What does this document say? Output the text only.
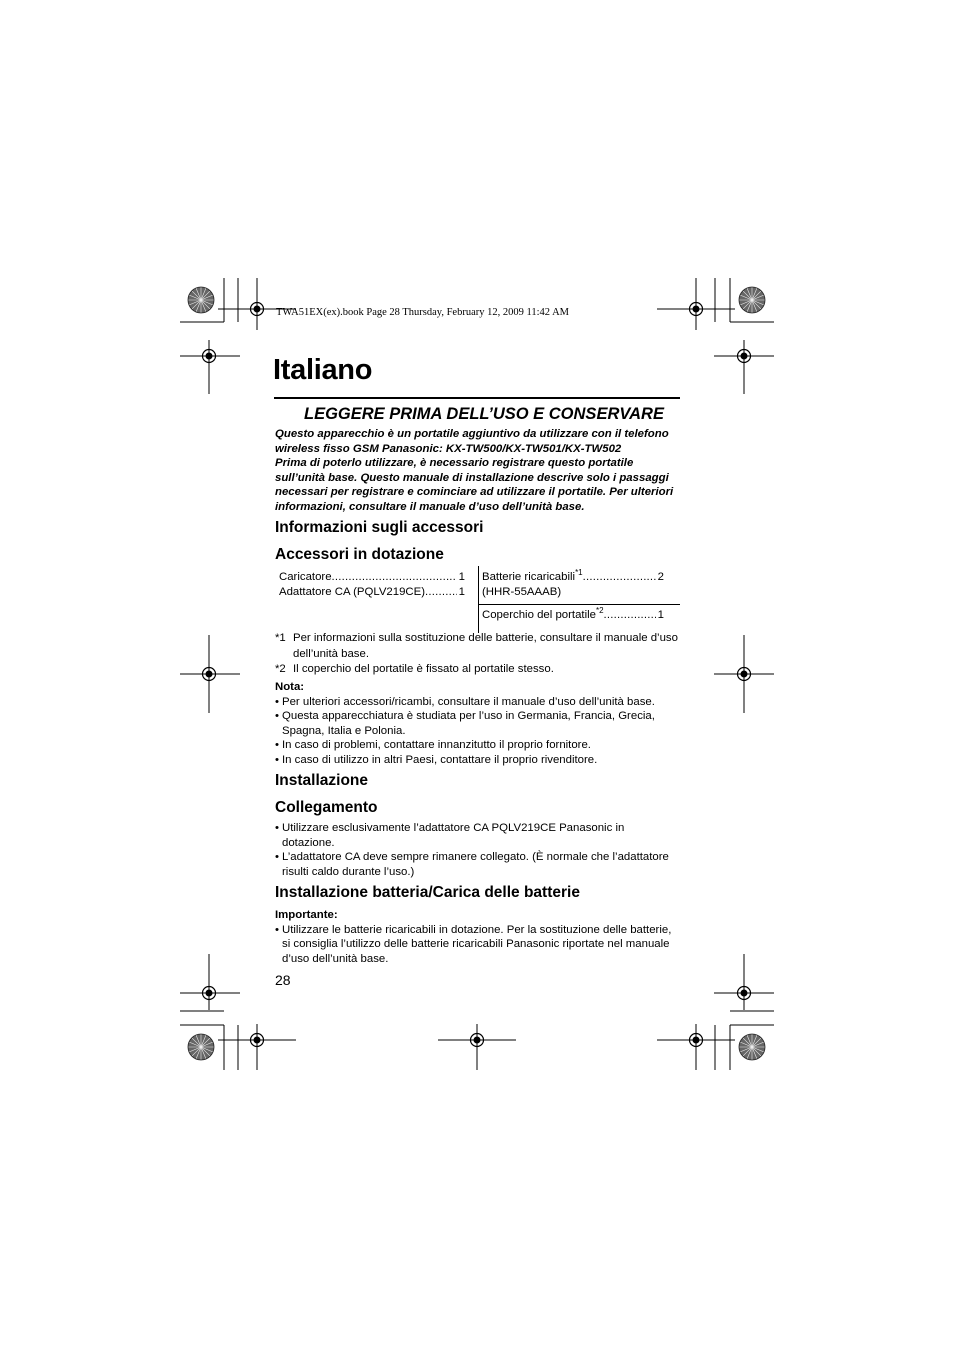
TWA51EX(ex).book Page 28 Thursday, February 12, 2009 11:42 AM
Italiano
LEGGERE PRIMA DELL’USO E CONSERVARE

Questo apparecchio è un portatile aggiuntivo da utilizzare con il telefono
wireless fisso GSM Panasonic: KX-TW500/KX-TW501/KX-TW502
Prima di poterlo utilizzare, è necessario registrare questo portatile
sull’unità base. Questo manuale di installazione descrive solo i passaggi
necessari per registrare e cominciare ad utilizzare il portatile. Per ulteriori
informazioni, consultare il manuale d’uso dell’unità base.

Informazioni sugli accessori
Accessori in dotazione
Caricatore .....	1
Adattatore CA (PQLV219CE) .....	1
Batterie ricaricabili$^{*1}$ .....	2
(HHR-55AAAB)
Coperchio del portatile$^{*2}$ .....	1
*1 Per informazioni sulla sostituzione delle batterie, consultare il manuale d’uso
dell’unità base.
*2 Il coperchio del portatile è fissato al portatile stesso.
Nota:
• Per ulteriori accessori/ricambi, consultare il manuale d’uso dell’unità base.
• Questa apparecchiatura è studiata per l’uso in Germania, Francia, Grecia, Spagna, Italia e Polonia.
• In caso di problemi, contattare innanzitutto il proprio fornitore.
• In caso di utilizzo in altri Paesi, contattare il proprio rivenditore.
Installazione
Collegamento
• Utilizzare esclusivamente l’adattatore CA PQLV219CE Panasonic in dotazione.
• L’adattatore CA deve sempre rimanere collegato. (È normale che l’adattatore risulti caldo durante l’uso.)
Installazione batteria/Carica delle batterie
Importante:
• Utilizzare le batterie ricaricabili in dotazione. Per la sostituzione delle batterie, si consiglia l’utilizzo delle batterie ricaricabili Panasonic riportate nel manuale d’uso dell’unità base.
28
